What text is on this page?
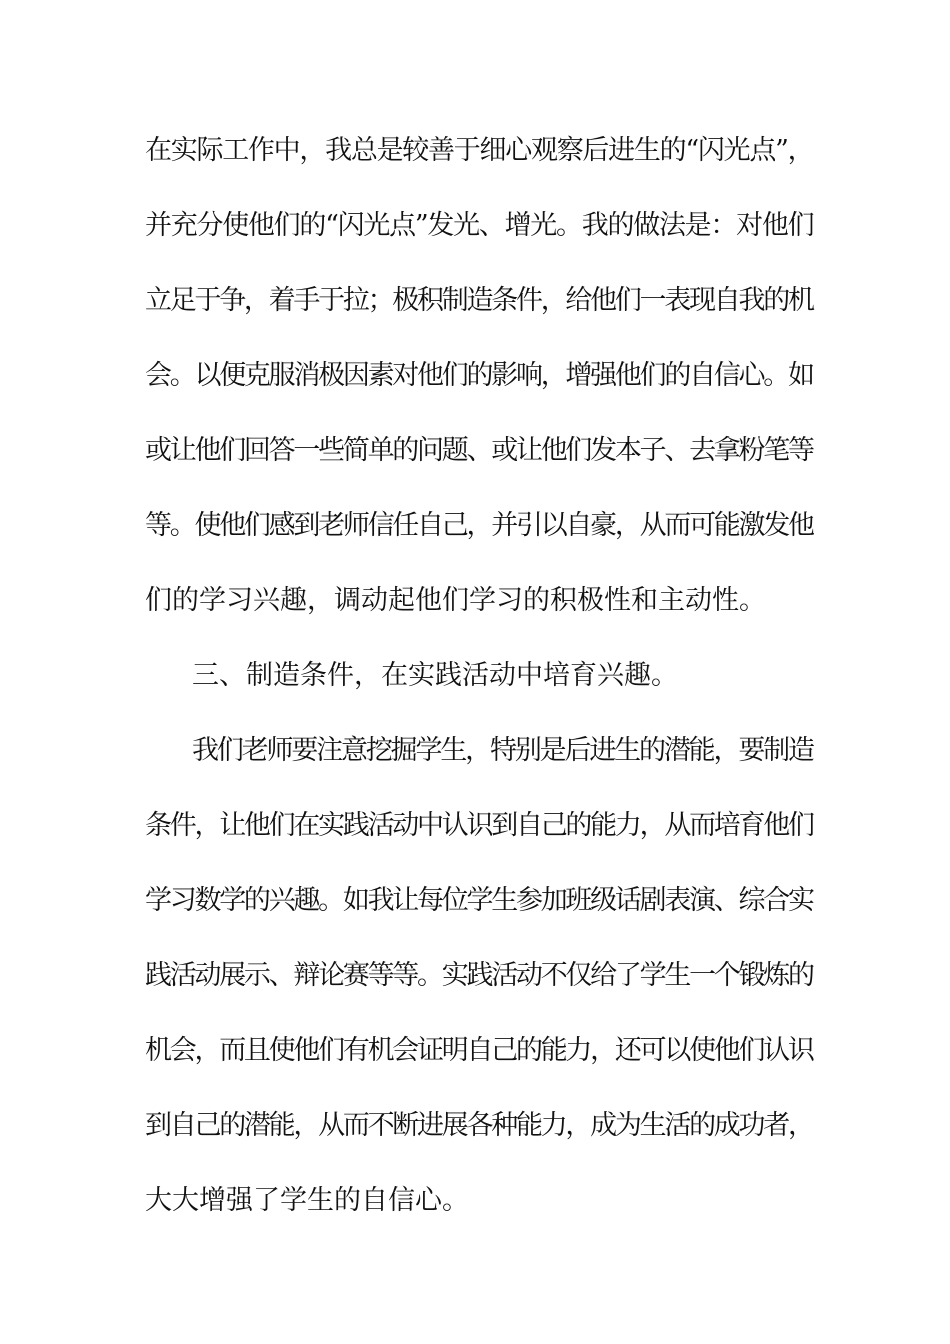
在实际工作中，我总是较善于细心观察后进生的“闪光点”，
并充分使他们的“闪光点”发光、增光。我的做法是：对他们
立足于争，着手于拉；极积制造条件，给他们一表现自我的机
会。以便克服消极因素对他们的影响，增强他们的自信心。如
或让他们回答一些简单的问题、或让他们发本子、去拿粉笔等
等。使他们感到老师信任自己，并引以自豪，从而可能激发他
们的学习兴趣，调动起他们学习的积极性和主动性。
三、制造条件，在实践活动中培育兴趣。
我们老师要注意挖掘学生，特别是后进生的潜能，要制造
条件，让他们在实践活动中认识到自己的能力，从而培育他们
学习数学的兴趣。如我让每位学生参加班级话剧表演、综合实
践活动展示、辩论赛等等。实践活动不仅给了学生一个锻炼的
机会，而且使他们有机会证明自己的能力，还可以使他们认识
到自己的潜能，从而不断进展各种能力，成为生活的成功者，
大大增强了学生的自信心。
